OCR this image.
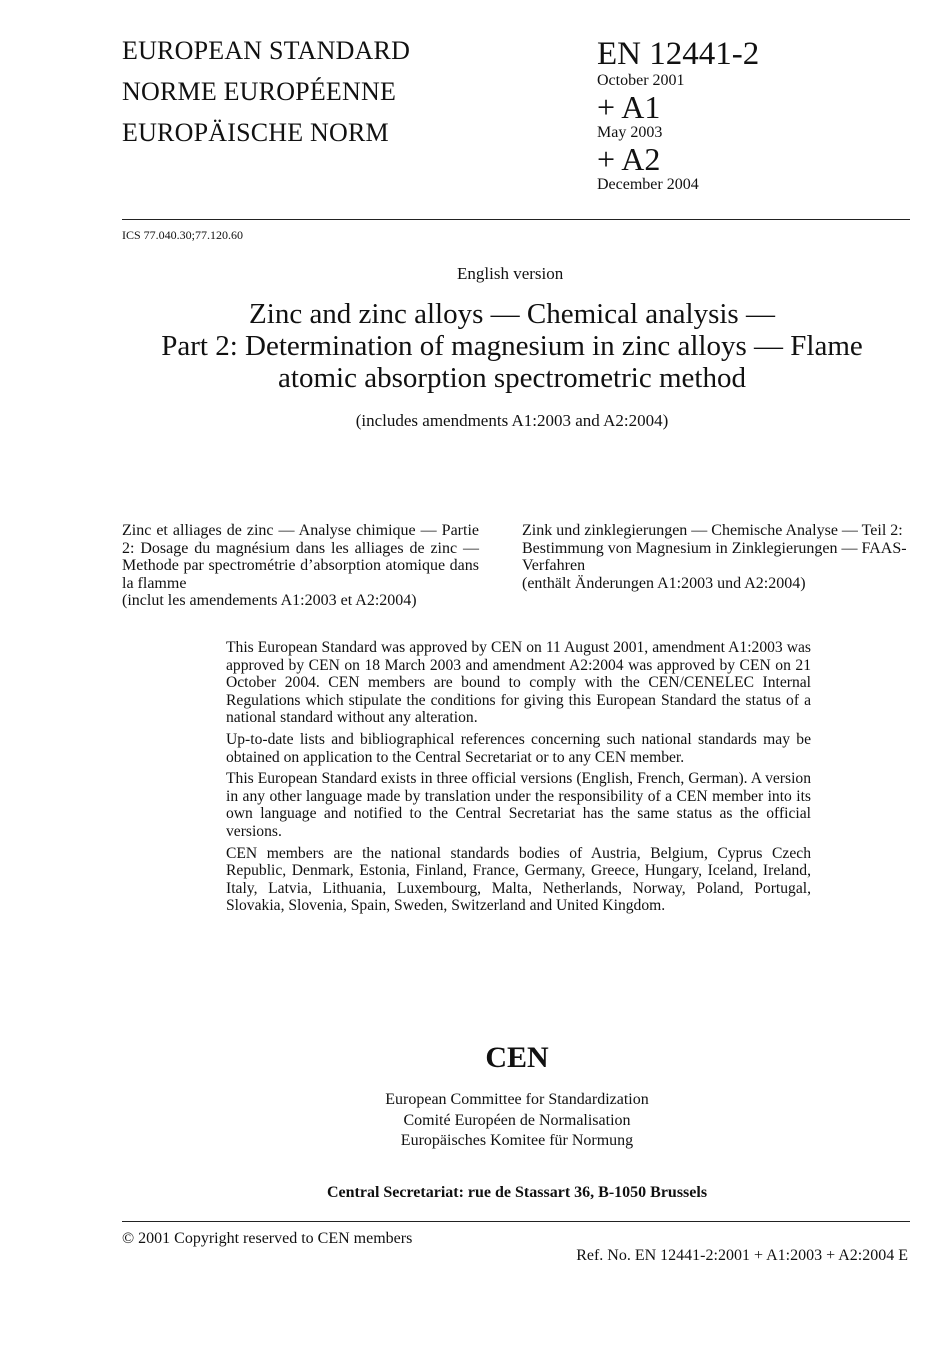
EUROPEAN STANDARD
NORME EUROPÉENNE
EUROPÄISCHE NORM
EN 12441-2
October 2001
+ A1
May 2003
+ A2
December 2004
ICS 77.040.30;77.120.60
English version
Zinc and zinc alloys — Chemical analysis —
Part 2: Determination of magnesium in zinc alloys — Flame
atomic absorption spectrometric method
(includes amendments A1:2003 and A2:2004)
Zinc et alliages de zinc — Analyse chimique — Partie 2: Dosage du magnésium dans les alliages de zinc — Methode par spectrométrie d’absorption atomique dans la flamme
(inclut les amendements A1:2003 et A2:2004)
Zink und zinklegierungen — Chemische Analyse — Teil 2: Bestimmung von Magnesium in Zinklegierungen — FAAS-Verfahren
(enthält Änderungen A1:2003 und A2:2004)

This European Standard was approved by CEN on 11 August 2001, amendment A1:2003 was approved by CEN on 18 March 2003 and amendment A2:2004 was approved by CEN on 21 October 2004. CEN members are bound to comply with the CEN/CENELEC Internal Regulations which stipulate the conditions for giving this European Standard the status of a national standard without any alteration.

Up-to-date lists and bibliographical references concerning such national standards may be obtained on application to the Central Secretariat or to any CEN member.

This European Standard exists in three official versions (English, French, German). A version in any other language made by translation under the responsibility of a CEN member into its own language and notified to the Central Secretariat has the same status as the official versions.

CEN members are the national standards bodies of Austria, Belgium, Cyprus Czech Republic, Denmark, Estonia, Finland, France, Germany, Greece, Hungary, Iceland, Ireland, Italy, Latvia, Lithuania, Luxembourg, Malta, Netherlands, Norway, Poland, Portugal, Slovakia, Slovenia, Spain, Sweden, Switzerland and United Kingdom.

CEN
European Committee for Standardization
Comité Européen de Normalisation
Europäisches Komitee für Normung
Central Secretariat: rue de Stassart 36, B-1050 Brussels
© 2001 Copyright reserved to CEN members
Ref. No. EN 12441-2:2001 + A1:2003 + A2:2004 E
